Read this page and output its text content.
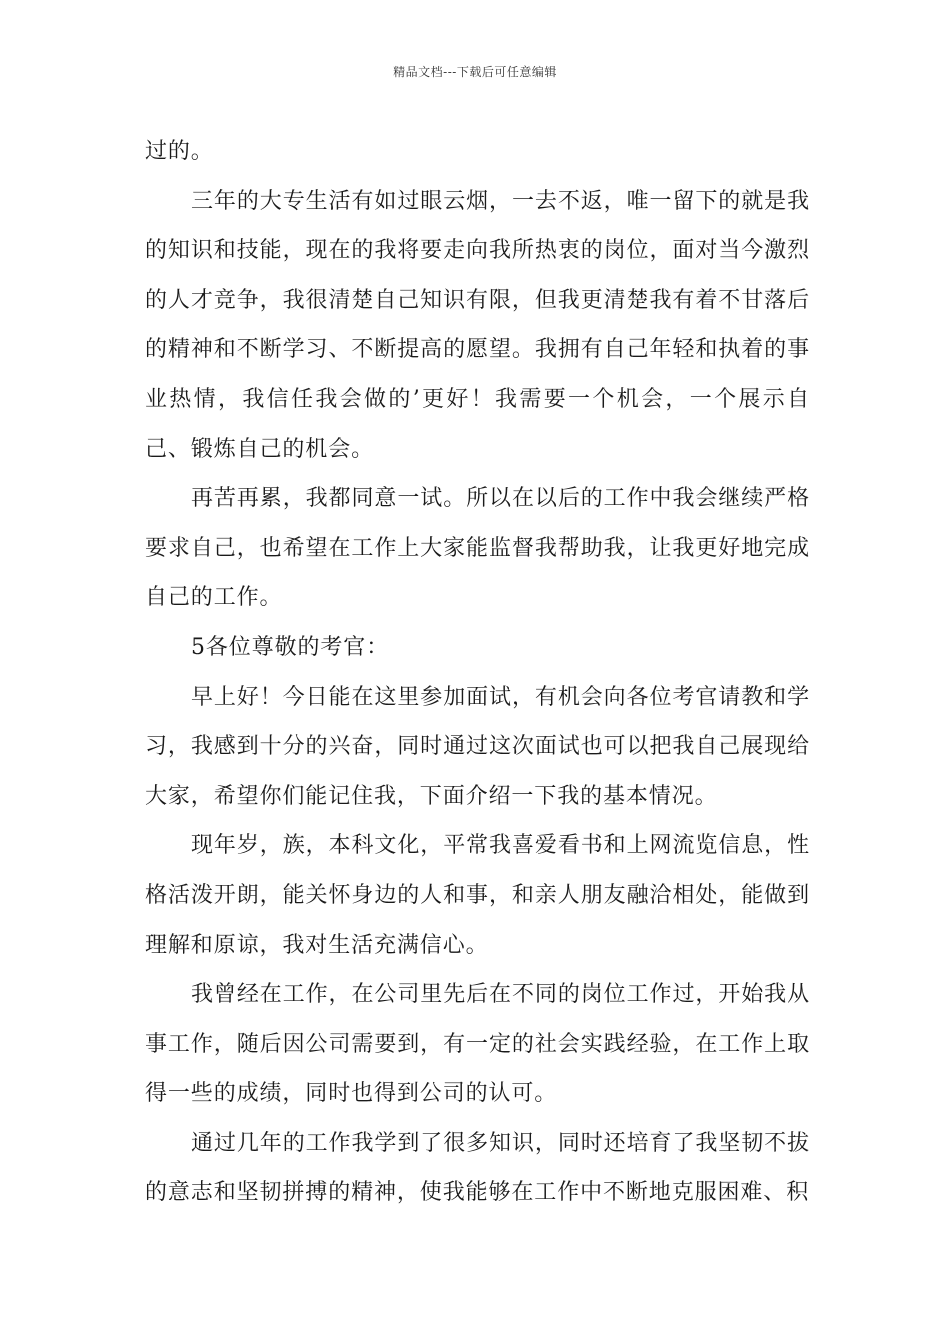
精品文档---下载后可任意编辑

过的。

三年的大专生活有如过眼云烟，一去不返，唯一留下的就是我的知识和技能，现在的我将要走向我所热衷的岗位，面对当今激烈的人才竞争，我很清楚自己知识有限，但我更清楚我有着不甘落后的精神和不断学习、不断提高的愿望。我拥有自己年轻和执着的事业热情，我信任我会做的’更好！我需要一个机会，一个展示自己、锻炼自己的机会。

再苦再累，我都同意一试。所以在以后的工作中我会继续严格要求自己，也希望在工作上大家能监督我帮助我，让我更好地完成自己的工作。

5各位尊敬的考官：

早上好！今日能在这里参加面试，有机会向各位考官请教和学习，我感到十分的兴奋，同时通过这次面试也可以把我自己展现给大家，希望你们能记住我，下面介绍一下我的基本情况。

现年岁，族，本科文化，平常我喜爱看书和上网流览信息，性格活泼开朗，能关怀身边的人和事，和亲人朋友融洽相处，能做到理解和原谅，我对生活充满信心。

我曾经在工作，在公司里先后在不同的岗位工作过，开始我从事工作，随后因公司需要到，有一定的社会实践经验，在工作上取得一些的成绩，同时也得到公司的认可。

通过几年的工作我学到了很多知识，同时还培育了我坚韧不拔的意志和坚韧拼搏的精神，使我能够在工作中不断地克服困难、积
